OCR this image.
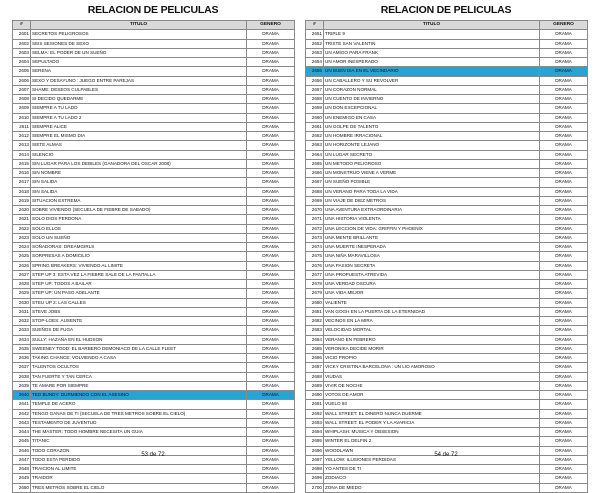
RELACION DE PELICULAS
#	TITULO	GENERO
2601	SECRETOS PELIGROSOS	DRAMA
2602	SEIS SESIONES DE SEXO	DRAMA
2603	SELMA: EL PODER DE UN SUEÑO	DRAMA
2604	SEPULTADO	DRAMA
2605	SERENA	DRAMA
2606	SEXO Y DESAYUNO : JUEGO ENTRE PAREJAS	DRAMA
2607	SHAME: DESEOS CULPABLES	DRAMA
2608	SI DECIDO QUEDARME	DRAMA
2609	SIEMPRE A TU LADO	DRAMA
2610	SIEMPRE A TU LADO 2	DRAMA
2611	SIEMPRE ALICE	DRAMA
2612	SIEMPRE EL MISMO DIA	DRAMA
2613	SIETE ALMAS	DRAMA
2614	SILENCIO	DRAMA
2615	SIN LUGAR PARA LOS DEBILES (GANADORA DEL OSCAR 2008)	DRAMA
2616	SIN NOMBRE	DRAMA
2617	SIN SALIDA	DRAMA
2618	SIN SALIDA	DRAMA
2619	SITUACION EXTREMA	DRAMA
2620	SOBRE VIVIENDO (SECUELA DE FIEBRE DE SABADO)	DRAMA
2621	SOLO DIOS PERDONA	DRAMA
2622	SOLO ELLOS	DRAMA
2623	SOLO UN SUEÑO	DRAMA
2624	SOÑADORAS: DREAMGIRLS	DRAMA
2625	SORPRESAS A DOMICILIO	DRAMA
2626	SPRING BREAKERS: VIVIENDO AL LIMITE	DRAMA
2627	STEP UP 3: ESTA VEZ LA FIEBRE SALE DE LA PANTALLA	DRAMA
2628	STEP UP: TODOS A BAILAR	DRAMA
2629	STEP UP: UN PASO ADELANTE	DRAMA
2630	STEU UP 2: LAS CALLES	DRAMA
2631	STEVE JOBS	DRAMA
2632	STOP-LOES: AUSENTE	DRAMA
2633	SUEÑOS DE FUGA	DRAMA
2634	SULLY: HAZAÑA EN EL HUDSON	DRAMA
2635	SWEENEY TODD: EL BARBERO DEMONIACO DE LA CALLE FLEET	DRAMA
2636	TAKING CHANCE: VOLVIENDO A CASA	DRAMA
2637	TALENTOS OCULTOS	DRAMA
2638	TAN FUERTE Y TAN CERCA	DRAMA
2639	TE AMARE POR SIEMPRE	DRAMA
2640	TED BUNDY: DURMIENDO CON EL ASESINO	DRAMA
2641	TEMPLE DE ACERO	DRAMA
2642	TENGO GANAS DE TI (SECUELA DE TRES METROS SOBRE EL CIELO)	DRAMA
2643	TESTAMENTO DE JUVENTUD	DRAMA
2644	THE MASTER: TODO HOMBRE NECESITA UN GUIA	DRAMA
2645	TITANIC	DRAMA
2646	TODO CORAZON	DRAMA
2647	TODO ESTA PERDIDO	DRAMA
2648	TRAICION AL LIMITE	DRAMA
2649	TRAIDOR	DRAMA
2650	TRES METROS SOBRE EL CIELO	DRAMA
53 de 72
RELACION DE PELICULAS
#	TITULO	GENERO
2651	TRIPLE 9	DRAMA
2652	TRISTE SAN VALENTIN	DRAMA
2653	UN AMIGO PARA FRANK	DRAMA
2654	UN AMOR INESPERADO	DRAMA
2655	UN BUEN DIA EN EL VECINDARIO	DRAMA
2656	UN CABALLERO Y SU REVOLVER	DRAMA
2657	UN CORAZON NORMAL	DRAMA
2658	UN CUENTO DE INVIERNO	DRAMA
2659	UN DON EXCEPCIONAL	DRAMA
2660	UN ENEMIGO EN CASA	DRAMA
2661	UN GOLPE DE TALENTO	DRAMA
2662	UN HOMBRE IRRACIONAL	DRAMA
2663	UN HORIZONTE LEJANO	DRAMA
2664	UN LUGAR SECRETO	DRAMA
2665	UN METODO PELIGROSO	DRAMA
2666	UN MONSTRUO VIENE A VERME	DRAMA
2667	UN SUEÑO POSIBLE	DRAMA
2668	UN VERANO PARA TODA LA VIDA	DRAMA
2669	UN VIAJE DE DIEZ METROS	DRAMA
2670	UNA AVENTURA EXTRAORDINARIA	DRAMA
2671	UNA HISTORIA VIOLENTA	DRAMA
2672	UNA LECCION DE VIDA: GRIFFIN Y PHOENIX	DRAMA
2673	UNA MENTE BRILLANTE	DRAMA
2674	UNA MUERTE INESPERADA	DRAMA
2675	UNA NIÑA MARAVILLOSA	DRAMA
2676	UNA PASION SECRETA	DRAMA
2677	UNA PROPUESTA ATREVIDA	DRAMA
2678	UNA VERDAD OSCURA	DRAMA
2679	UNA VIDA MEJOR	DRAMA
2680	VALIENTE	DRAMA
2681	VAN GOGH EN LA PUERTA DE LA ETERNIDAD	DRAMA
2682	VECINOS EN LA MIRA	DRAMA
2683	VELOCIDAD MORTAL	DRAMA
2684	VERANO EN FEBRERO	DRAMA
2685	VERONIKA DECIDE MORIR	DRAMA
2686	VICIO PROPIO	DRAMA
2687	VICKY CRISTINA BARCELONA : UN LIO AMOROSO	DRAMA
2688	VIUDAS	DRAMA
2689	VIVIR DE NOCHE	DRAMA
2690	VOTOS DE AMOR	DRAMA
2691	VUELO 93	DRAMA
2692	WALL STREET: EL DINERO NUNCA DUERME	DRAMA
2693	WALL STREET: EL PODER Y LA AVARICIA	DRAMA
2694	WHIPLASH: MUSICA Y OBSESION	DRAMA
2695	WINTER EL DELFIN 2	DRAMA
2696	WOODLAWN	DRAMA
2697	YELLOW: ILUSIONES PERDIDAS	DRAMA
2698	YO ANTES DE TI	DRAMA
2699	ZODIACO	DRAMA
2700	ZONA DE MIEDO	DRAMA
54 de 72
